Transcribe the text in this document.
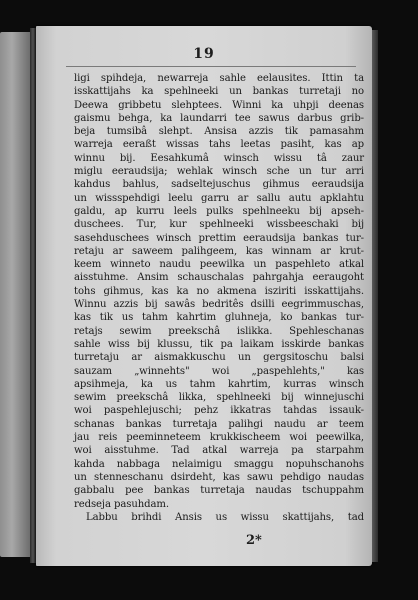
19
ligi spihdeja, newarreja sahle eelausites. Ittin ta
isskattijahs ka spehlneeki un bankas turretaji no
Deewa gribbetu slehptees. Winni ka uhpji deenas
gaismu behga, ka laundarri tee sawus darbus grib-
beja tumsibâ slehpt. Ansisa azzis tik pamasahm
warreja eeraßt wissas tahs leetas pasiht, kas ap
winnu bij. Eesahkumâ winsch wissu tâ zaur
miglu eeraudsija; wehlak winsch sche un tur arri
kahdus bahlus, sadseltejuschus gihmus eeraudsija
un wissspehdigi leelu garru ar sallu autu apklahtu
galdu, ap kurru leels pulks spehlneeku bij apseh-
duschees. Tur, kur spehlneeki wissbeeschaki bij
sasehduschees winsch prettim eeraudsija bankas tur-
retaju ar saweem palihgeem, kas winnam ar krut-
keem winneto naudu peewilka un paspehleto atkal
aisstuhme. Ansim schauschalas pahrgahja eeraugoht
tohs gihmus, kas ka no akmena isziriti isskattijahs.
Winnu azzis bij sawâs bedritês dsilli eegrimmuschas,
kas tik us tahm kahrtim gluhneja, ko bankas tur-
retajs sewim preekschâ islikka. Spehleschanas
sahle wiss bij klussu, tik pa laikam isskirde bankas
turretaju ar aismakkuschu un gergsitoschu balsi
sauzam „winnehts" woi „paspehlehts," kas
apsihmeja, ka us tahm kahrtim, kurras winsch
sewim preekschâ likka, spehlneeki bij winnejuschi
woi paspehlejuschi; pehz ikkatras tahdas issauk-
schanas bankas turretaja palihgi naudu ar teem
jau reis peeminneteem krukkischeem woi peewilka,
woi aisstuhme. Tad atkal warreja pa starpahm
kahda nabbaga nelaimigu smaggu nopuhschanohs
un stenneschanu dsirdeht, kas sawu pehdigo naudas
gabbalu pee bankas turretaja naudas tschuppahm
redseja pasuhdam.
Labbu brihdi Ansis us wissu skattijahs, tad
2*
